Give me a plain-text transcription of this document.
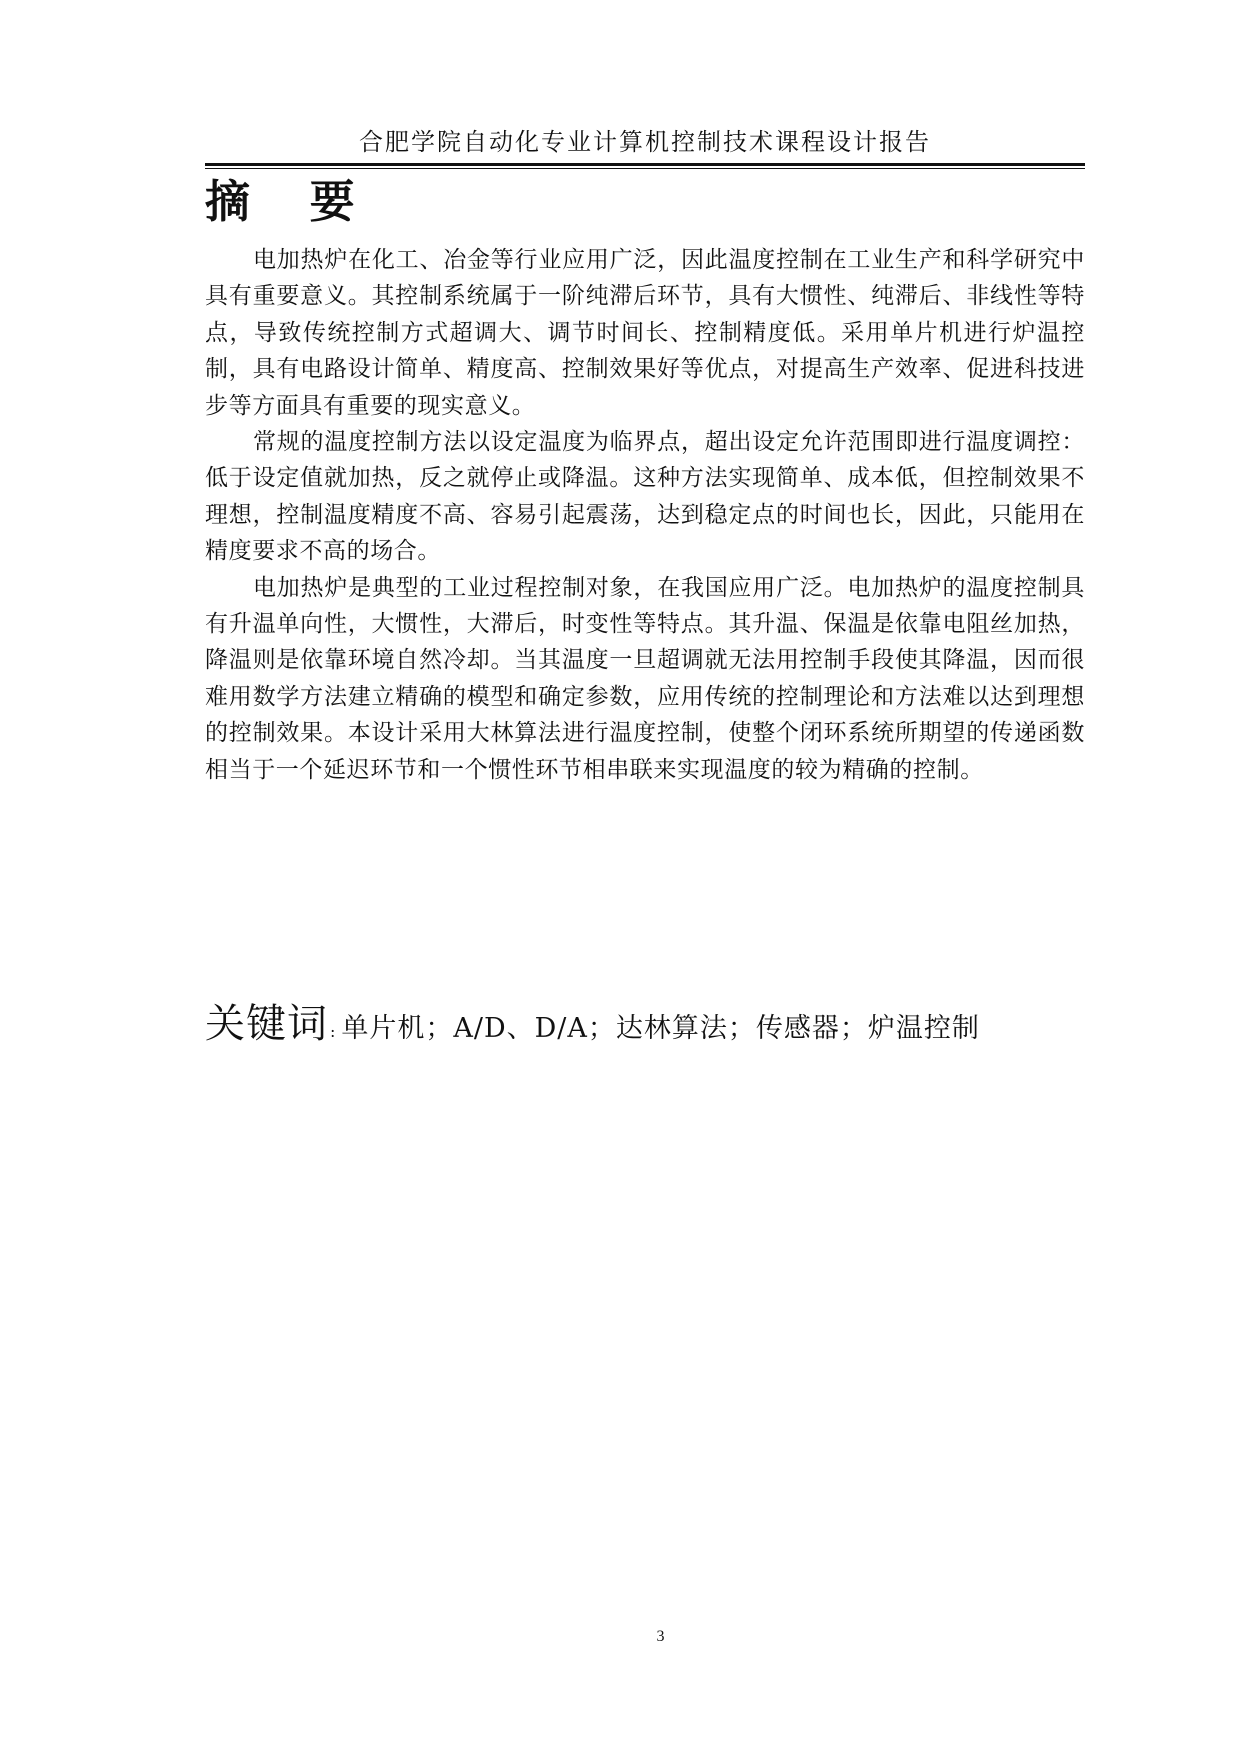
合肥学院自动化专业计算机控制技术课程设计报告
摘 要

电加热炉在化工、冶金等行业应用广泛，因此温度控制在工业生产和科学研究中具有重要意义。其控制系统属于一阶纯滞后环节，具有大惯性、纯滞后、非线性等特点，导致传统控制方式超调大、调节时间长、控制精度低。采用单片机进行炉温控制，具有电路设计简单、精度高、控制效果好等优点，对提高生产效率、促进科技进步等方面具有重要的现实意义。

常规的温度控制方法以设定温度为临界点，超出设定允许范围即进行温度调控：低于设定值就加热，反之就停止或降温。这种方法实现简单、成本低，但控制效果不理想，控制温度精度不高、容易引起震荡，达到稳定点的时间也长，因此，只能用在精度要求不高的场合。

电加热炉是典型的工业过程控制对象，在我国应用广泛。电加热炉的温度控制具有升温单向性，大惯性，大滞后，时变性等特点。其升温、保温是依靠电阻丝加热，降温则是依靠环境自然冷却。当其温度一旦超调就无法用控制手段使其降温，因而很难用数学方法建立精确的模型和确定参数，应用传统的控制理论和方法难以达到理想的控制效果。本设计采用大林算法进行温度控制，使整个闭环系统所期望的传递函数相当于一个延迟环节和一个惯性环节相串联来实现温度的较为精确的控制。

关键词 : 单片机；A/D、D/A；达林算法；传感器；炉温控制
3
